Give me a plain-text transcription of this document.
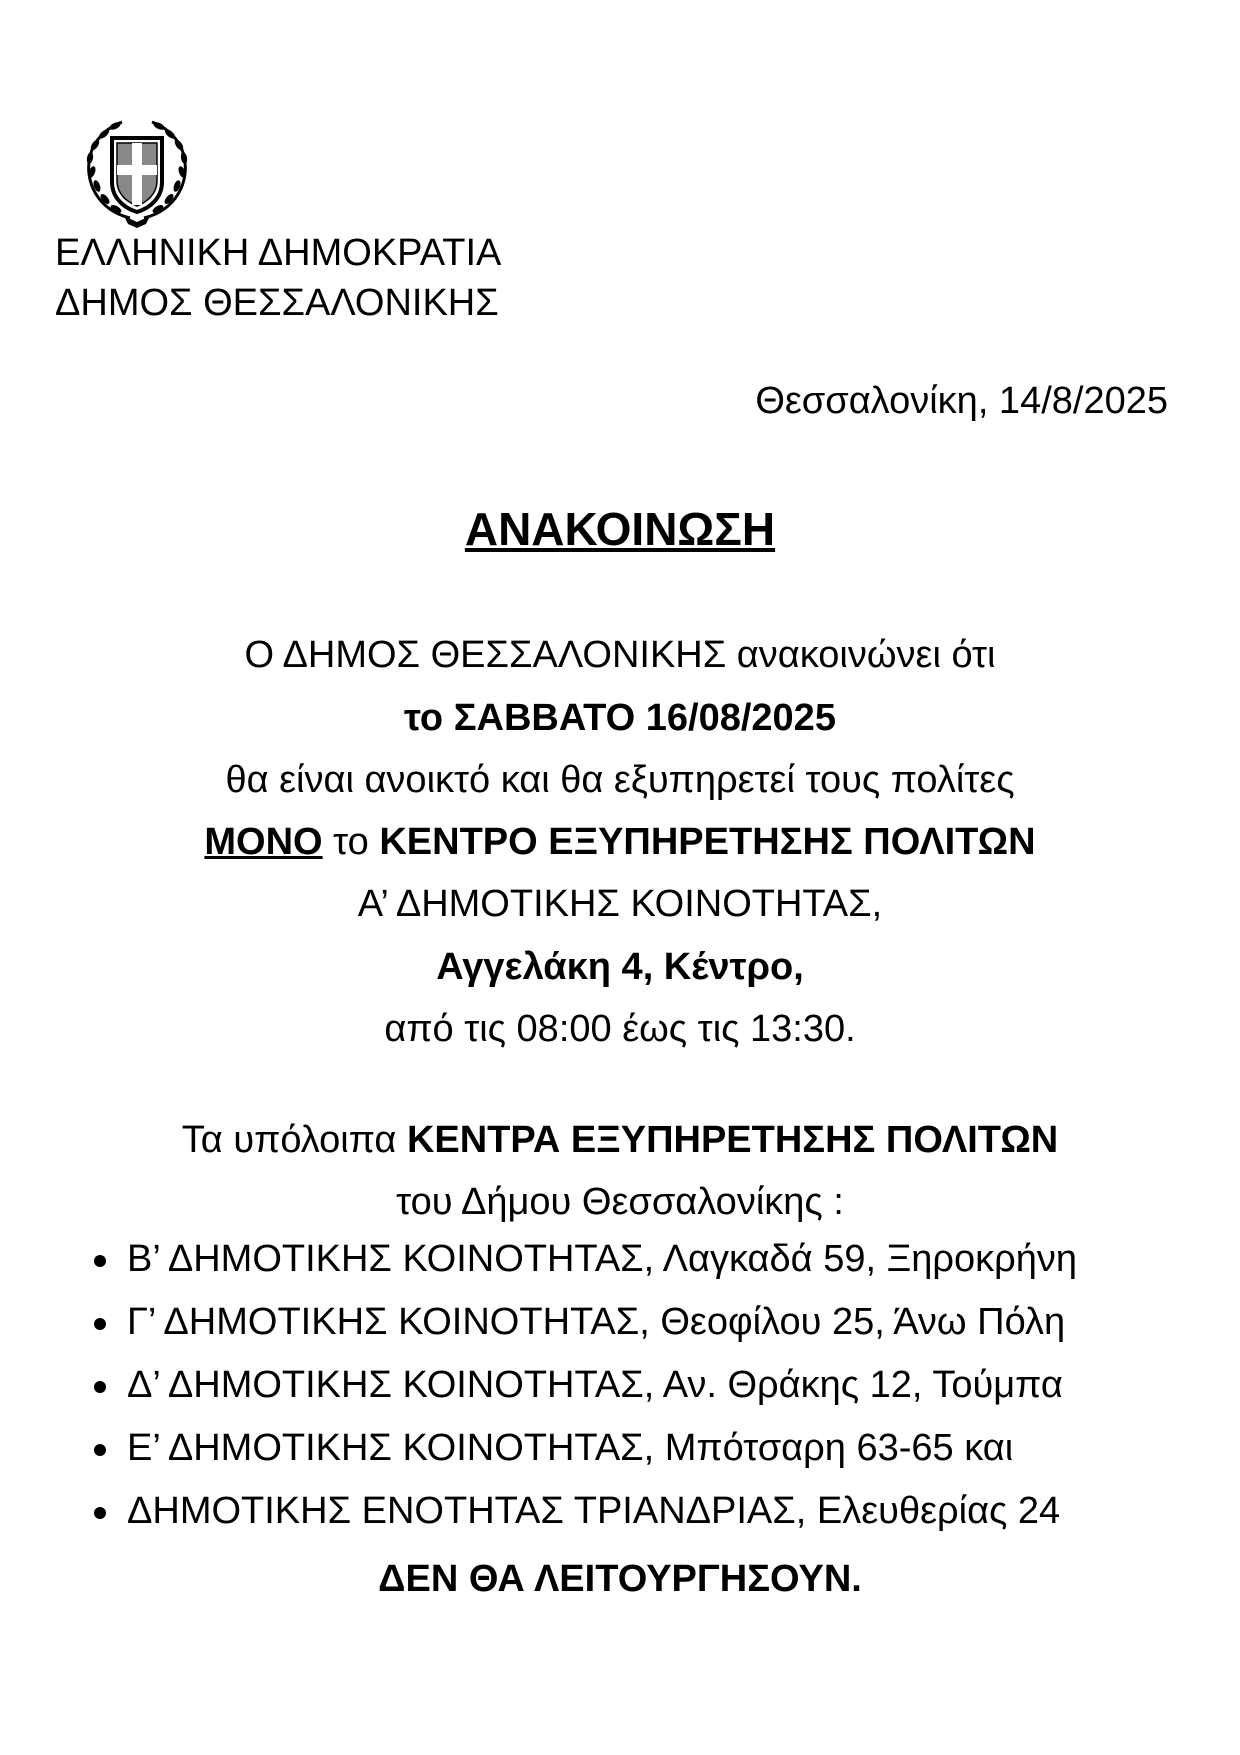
ΕΛΛΗΝΙΚΗ ΔΗΜΟΚΡΑΤΙΑ
ΔΗΜΟΣ ΘΕΣΣΑΛΟΝΙΚΗΣ
Θεσσαλονίκη, 14/8/2025
ΑΝΑΚΟΙΝΩΣΗ
Ο ΔΗΜΟΣ ΘΕΣΣΑΛΟΝΙΚΗΣ ανακοινώνει ότι
το ΣΑΒΒΑΤΟ 16/08/2025
θα είναι ανοικτό και θα εξυπηρετεί τους πολίτες
ΜΟΝΟ το ΚΕΝΤΡΟ ΕΞΥΠΗΡΕΤΗΣΗΣ ΠΟΛΙΤΩΝ
Α’ ΔΗΜΟΤΙΚΗΣ ΚΟΙΝΟΤΗΤΑΣ,
Αγγελάκη 4, Κέντρο,
από τις 08:00 έως τις 13:30.
Τα υπόλοιπα ΚΕΝΤΡΑ ΕΞΥΠΗΡΕΤΗΣΗΣ ΠΟΛΙΤΩΝ
του Δήμου Θεσσαλονίκης :
Β’ ΔΗΜΟΤΙΚΗΣ ΚΟΙΝΟΤΗΤΑΣ, Λαγκαδά 59, Ξηροκρήνη
Γ’ ΔΗΜΟΤΙΚΗΣ ΚΟΙΝΟΤΗΤΑΣ, Θεοφίλου 25, Άνω Πόλη
Δ’ ΔΗΜΟΤΙΚΗΣ ΚΟΙΝΟΤΗΤΑΣ, Αν. Θράκης 12, Τούμπα
Ε’ ΔΗΜΟΤΙΚΗΣ ΚΟΙΝΟΤΗΤΑΣ, Μπότσαρη 63-65 και
ΔΗΜΟΤΙΚΗΣ ΕΝΟΤΗΤΑΣ ΤΡΙΑΝΔΡΙΑΣ, Ελευθερίας 24
ΔΕΝ ΘΑ ΛΕΙΤΟΥΡΓΗΣΟΥΝ.
